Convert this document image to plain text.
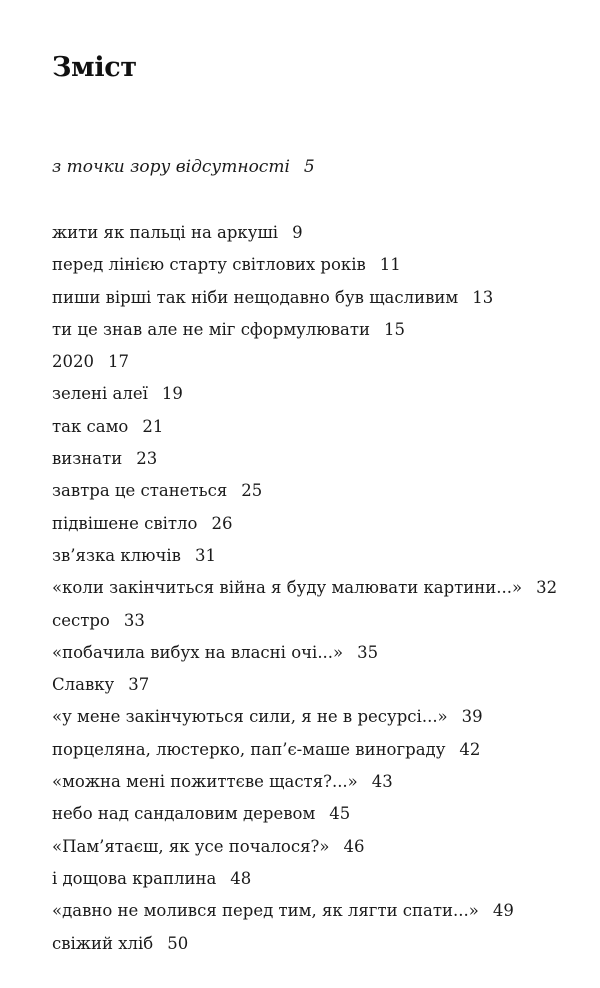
Зміст
з точки зору відсутності 5
жити як пальці на аркуші 9
перед лінією старту світлових років 11
пиши вірші так ніби нещодавно був щасливим 13
ти це знав але не міг сформулювати 15
2020 17
зелені алеї 19
так само 21
визнати 23
завтра це станеться 25
підвішене світло 26
зв’язка ключів 31
«коли закінчиться війна я буду малювати картини...» 32
сестро 33
«побачила вибух на власні очі...» 35
Славку 37
«у мене закінчуються сили, я не в ресурсі...» 39
порцеляна, люстерко, пап’є-маше винограду 42
«можна мені пожиттєве щастя?...» 43
небо над сандаловим деревом 45
«Пам’ятаєш, як усе почалося?» 46
і дощова краплина 48
«давно не молився перед тим, як лягти спати...» 49
свіжий хліб 50
